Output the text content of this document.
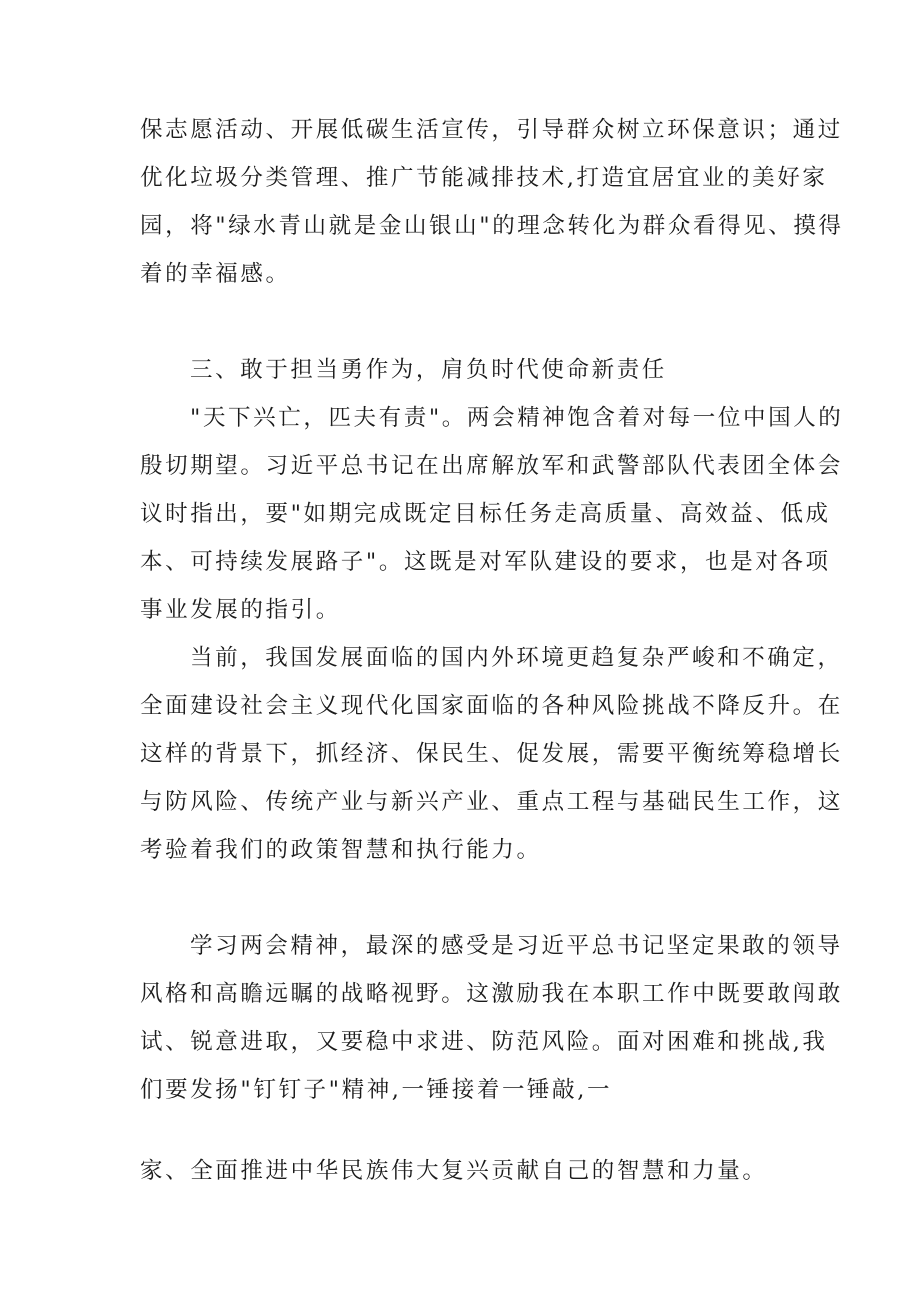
保志愿活动、开展低碳生活宣传，引导群众树立环保意识；通过
优化垃圾分类管理、推广节能减排技术,打造宜居宜业的美好家
园，将"绿水青山就是金山银山"的理念转化为群众看得见、摸得
着的幸福感。
三、敢于担当勇作为，肩负时代使命新责任
"天下兴亡，匹夫有责"。两会精神饱含着对每一位中国人的
殷切期望。习近平总书记在出席解放军和武警部队代表团全体会
议时指出，要"如期完成既定目标任务走高质量、高效益、低成
本、可持续发展路子"。这既是对军队建设的要求，也是对各项
事业发展的指引。
当前，我国发展面临的国内外环境更趋复杂严峻和不确定，
全面建设社会主义现代化国家面临的各种风险挑战不降反升。在
这样的背景下，抓经济、保民生、促发展，需要平衡统筹稳增长
与防风险、传统产业与新兴产业、重点工程与基础民生工作，这
考验着我们的政策智慧和执行能力。
学习两会精神，最深的感受是习近平总书记坚定果敢的领导
风格和高瞻远瞩的战略视野。这激励我在本职工作中既要敢闯敢
试、锐意进取，又要稳中求进、防范风险。面对困难和挑战,我
们要发扬"钉钉子"精神,一锤接着一锤敲,一
家、全面推进中华民族伟大复兴贡献自己的智慧和力量。
